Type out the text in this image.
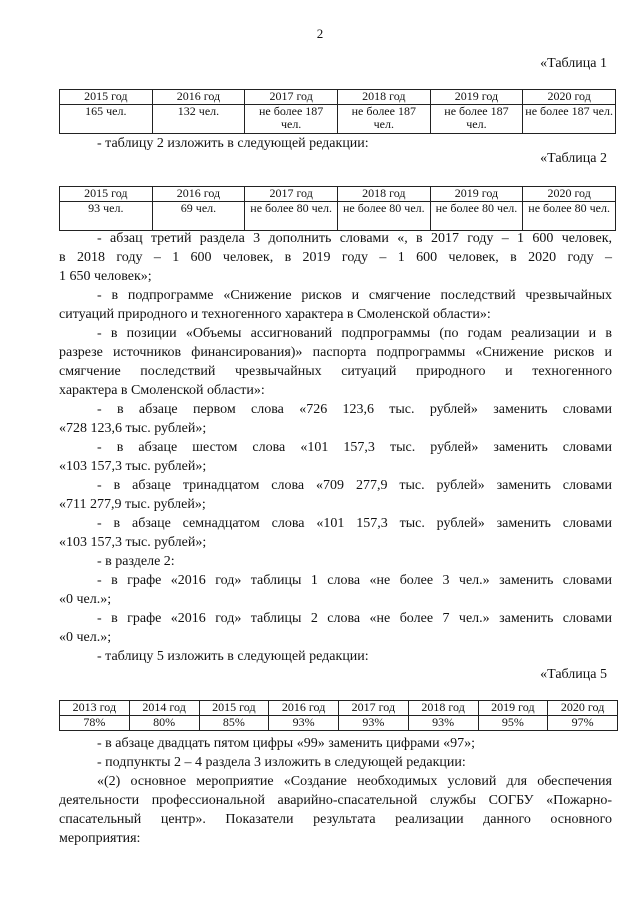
2
«Таблица 1
2015 год	2016 год	2017 год	2018 год	2019 год	2020 год
165 чел.	132 чел.	не более 187 чел.	не более 187 чел.	не более 187 чел.	не более 187 чел.
- таблицу 2 изложить в следующей редакции:
«Таблица 2
2015 год	2016 год	2017 год	2018 год	2019 год	2020 год
93 чел.	69 чел.	не более 80 чел.	не более 80 чел.	не более 80 чел.	не более 80 чел.
- абзац третий раздела 3 дополнить словами «, в 2017 году – 1 600 человек,
в 2018 году – 1 600 человек, в 2019 году – 1 600 человек, в 2020 году –
1 650 человек»;
- в подпрограмме «Снижение рисков и смягчение последствий чрезвычайных
ситуаций природного и техногенного характера в Смоленской области»:
- в позиции «Объемы ассигнований подпрограммы (по годам реализации и в
разрезе источников финансирования)» паспорта подпрограммы «Снижение рисков и
смягчение последствий чрезвычайных ситуаций природного и техногенного
характера в Смоленской области»:
- в абзаце первом слова «726 123,6 тыс. рублей» заменить словами
«728 123,6 тыс. рублей»;
- в абзаце шестом слова «101 157,3 тыс. рублей» заменить словами
«103 157,3 тыс. рублей»;
- в абзаце тринадцатом слова «709 277,9 тыс. рублей» заменить словами
«711 277,9 тыс. рублей»;
- в абзаце семнадцатом слова «101 157,3 тыс. рублей» заменить словами
«103 157,3 тыс. рублей»;
- в разделе 2:
- в графе «2016 год» таблицы 1 слова «не более 3 чел.» заменить словами
«0 чел.»;
- в графе «2016 год» таблицы 2 слова «не более 7 чел.» заменить словами
«0 чел.»;
- таблицу 5 изложить в следующей редакции:
«Таблица 5
2013 год	2014 год	2015 год	2016 год	2017 год	2018 год	2019 год	2020 год
78%	80%	85%	93%	93%	93%	95%	97%
- в абзаце двадцать пятом цифры «99» заменить цифрами «97»;
- подпункты 2 – 4 раздела 3 изложить в следующей редакции:
«(2) основное мероприятие «Создание необходимых условий для обеспечения
деятельности профессиональной аварийно-спасательной службы СОГБУ «Пожарно-
спасательный центр». Показатели результата реализации данного основного
мероприятия:
